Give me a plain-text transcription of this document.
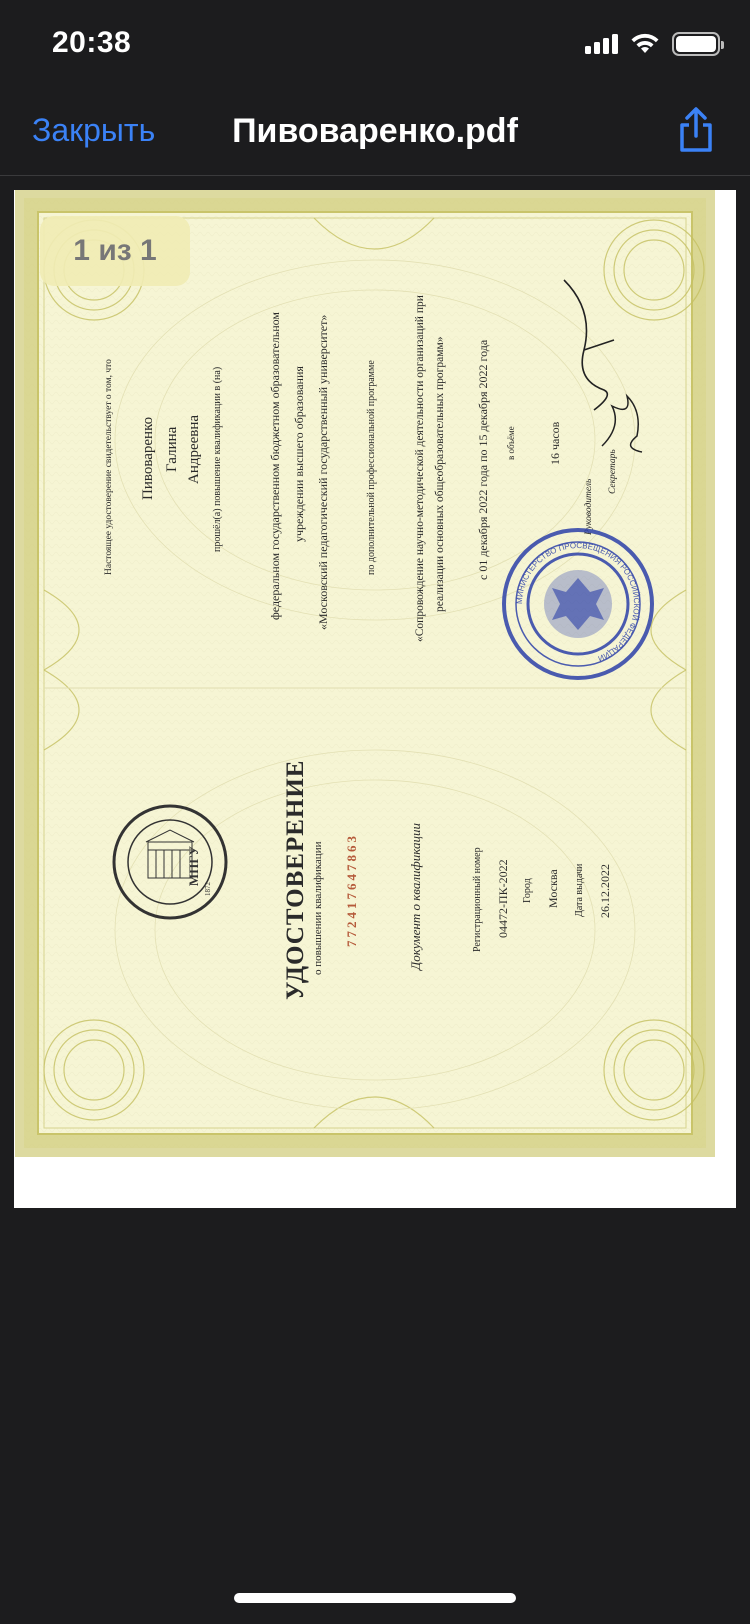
20:38
Закрыть	Пивоваренко.pdf
УДОСТОВЕРЕНИЕ о повышении квалификации 772417647863	Документ о квалификации	Регистрационный номер 04472-ПК-2022 Город Москва Дата выдачи 26.12.2022
МПГУ
1872
Настоящее удостоверение свидетельствует о том, что Пивоваренко Галина Андреевна прошёл(а) повышение квалификации в (на)	федеральном государственном бюджетном образовательном учреждении высшего образования «Московский педагогический государственный университет»	по дополнительной профессиональной программе	«Сопровождение научно-методической деятельности организаций при реализации основных общеобразовательных программ»	с 01 декабря 2022 года по 15 декабря 2022 года в объёме	16 часов
Руководитель
Секретарь
МИНИСТЕРСТВО ПРОСВЕЩЕНИЯ РОССИЙСКОЙ ФЕДЕРАЦИИ
1 из 1
